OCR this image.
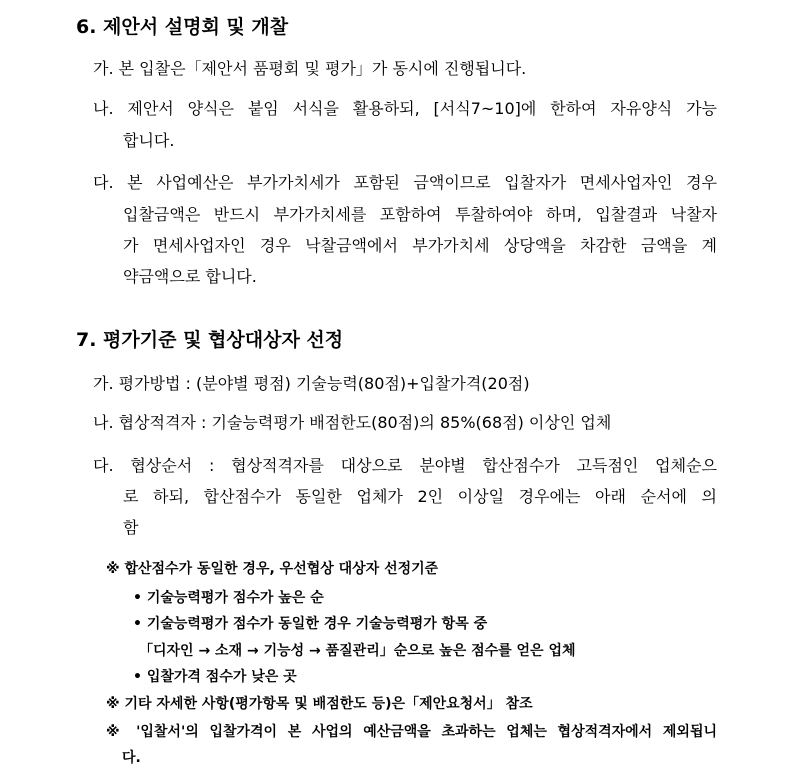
6. 제안서 설명회 및 개찰
가. 본 입찰은「제안서 품평회 및 평가」가 동시에 진행됩니다.
나. 제안서 양식은 붙임 서식을 활용하되, [서식7~10]에 한하여 자유양식 가능
합니다.
다. 본 사업예산은 부가가치세가 포함된 금액이므로 입찰자가 면세사업자인 경우
입찰금액은 반드시 부가가치세를 포함하여 투찰하여야 하며, 입찰결과 낙찰자
가 면세사업자인 경우 낙찰금액에서 부가가치세 상당액을 차감한 금액을 계
약금액으로 합니다.
7. 평가기준 및 협상대상자 선정
가. 평가방법 : (분야별 평점) 기술능력(80점)+입찰가격(20점)
나. 협상적격자 : 기술능력평가 배점한도(80점)의 85%(68점) 이상인 업체
다. 협상순서 : 협상적격자를 대상으로 분야별 합산점수가 고득점인 업체순으
로 하되, 합산점수가 동일한 업체가 2인 이상일 경우에는 아래 순서에 의
함
※ 합산점수가 동일한 경우, 우선협상 대상자 선정기준
• 기술능력평가 점수가 높은 순
• 기술능력평가 점수가 동일한 경우 기술능력평가 항목 중
「디자인 → 소재 → 기능성 → 품질관리」순으로 높은 점수를 얻은 업체
• 입찰가격 점수가 낮은 곳
※ 기타 자세한 사항(평가항목 및 배점한도 등)은「제안요청서」 참조
※ '입찰서'의 입찰가격이 본 사업의 예산금액을 초과하는 업체는 협상적격자에서 제외됩니
다.
